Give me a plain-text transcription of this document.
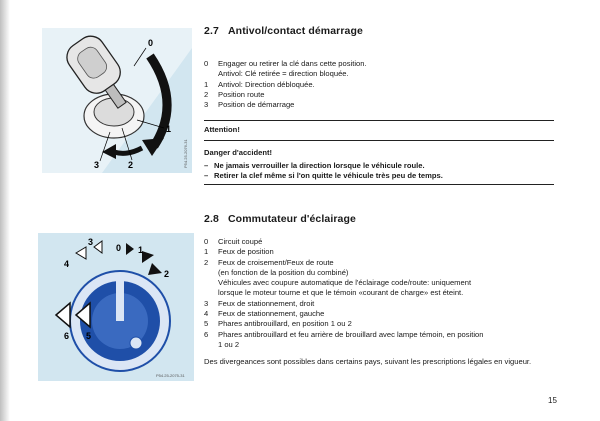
0
1
2
3	P54.25-2076-31
2.7 Antivol/contact démarrage
0	Engager ou retirer la clé dans cette position.
Antivol: Clé retirée = direction bloquée.
1	Antivol: Direction débloquée.
2	Position route
3	Position de démarrage
Attention!
Danger d'accident!
– Ne jamais verrouiller la direction lorsque le véhicule roule.
– Retirer la clef même si l'on quitte le véhicule très peu de temps.
0 1
2
3
4
5
6
P54.25-2075-31
2.8 Commutateur d'éclairage
0	Circuit coupé
1	Feux de position
2	Feux de croisement/Feux de route
(en fonction de la position du combiné)
Véhicules avec coupure automatique de l'éclairage code/route: uniquement
lorsque le moteur tourne et que le témoin «courant de charge» est éteint.
3	Feux de stationnement, droit
4	Feux de stationnement, gauche
5	Phares antibrouillard, en position 1 ou 2
6	Phares antibrouillard et feu arrière de brouillard avec lampe témoin, en position
1 ou 2
Des divergeances sont possibles dans certains pays, suivant les prescriptions légales en vigueur.
15
